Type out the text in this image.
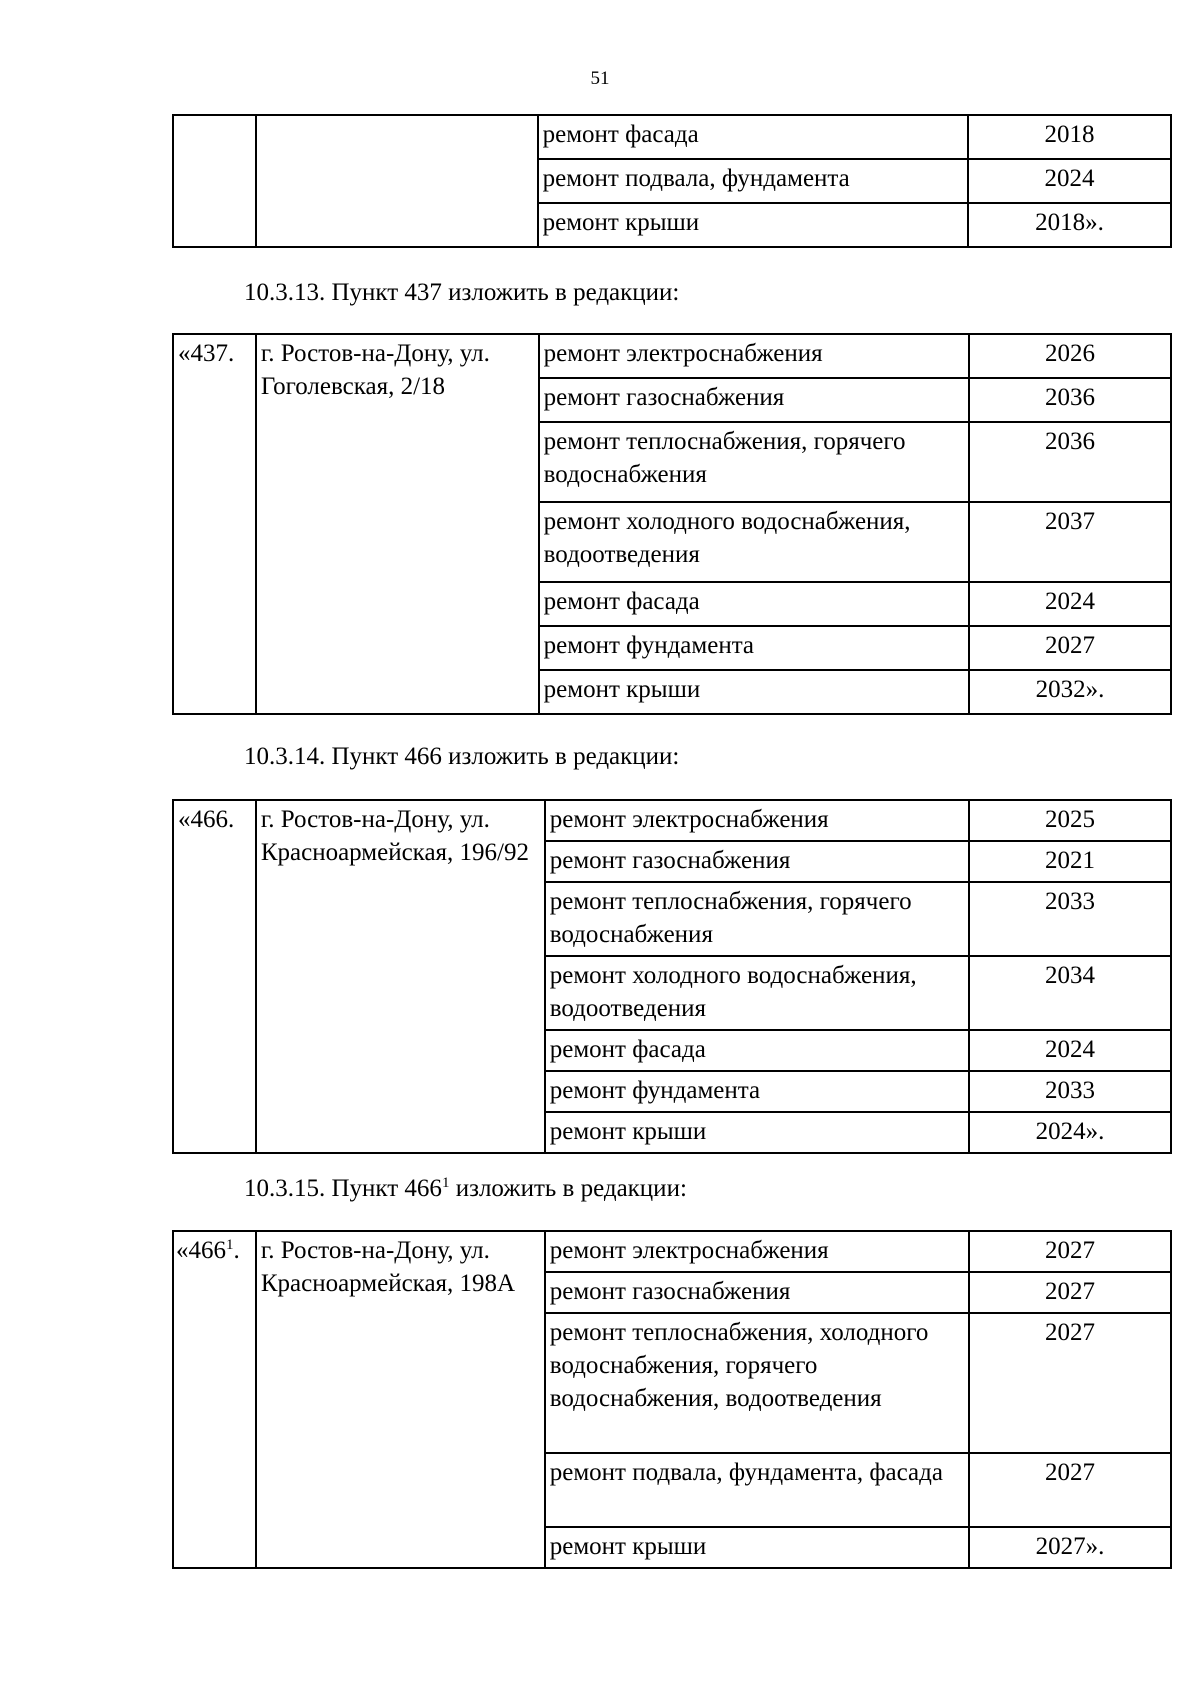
51
		ремонт фасада	2018
		ремонт подвала, фундамента	2024
		ремонт крыши	2018».
10.3.13. Пункт 437 изложить в редакции:
«437.	г. Ростов-на-Дону, ул. Гоголевская, 2/18	ремонт электроснабжения	2026
		ремонт газоснабжения	2036
		ремонт теплоснабжения, горячего водоснабжения	2036
		ремонт холодного водоснабжения, водоотведения	2037
		ремонт фасада	2024
		ремонт фундамента	2027
		ремонт крыши	2032».
10.3.14. Пункт 466 изложить в редакции:
«466.	г. Ростов-на-Дону, ул. Красноармейская, 196/92	ремонт электроснабжения	2025
		ремонт газоснабжения	2021
		ремонт теплоснабжения, горячего водоснабжения	2033
		ремонт холодного водоснабжения, водоотведения	2034
		ремонт фасада	2024
		ремонт фундамента	2033
		ремонт крыши	2024».
10.3.15. Пункт $466^1$ изложить в редакции:
«$466^1$.	г. Ростов-на-Дону, ул. Красноармейская, 198А	ремонт электроснабжения	2027
		ремонт газоснабжения	2027
		ремонт теплоснабжения, холодного водоснабжения, горячего водоснабжения, водоотведения	2027
		ремонт подвала, фундамента, фасада	2027
		ремонт крыши	2027».
